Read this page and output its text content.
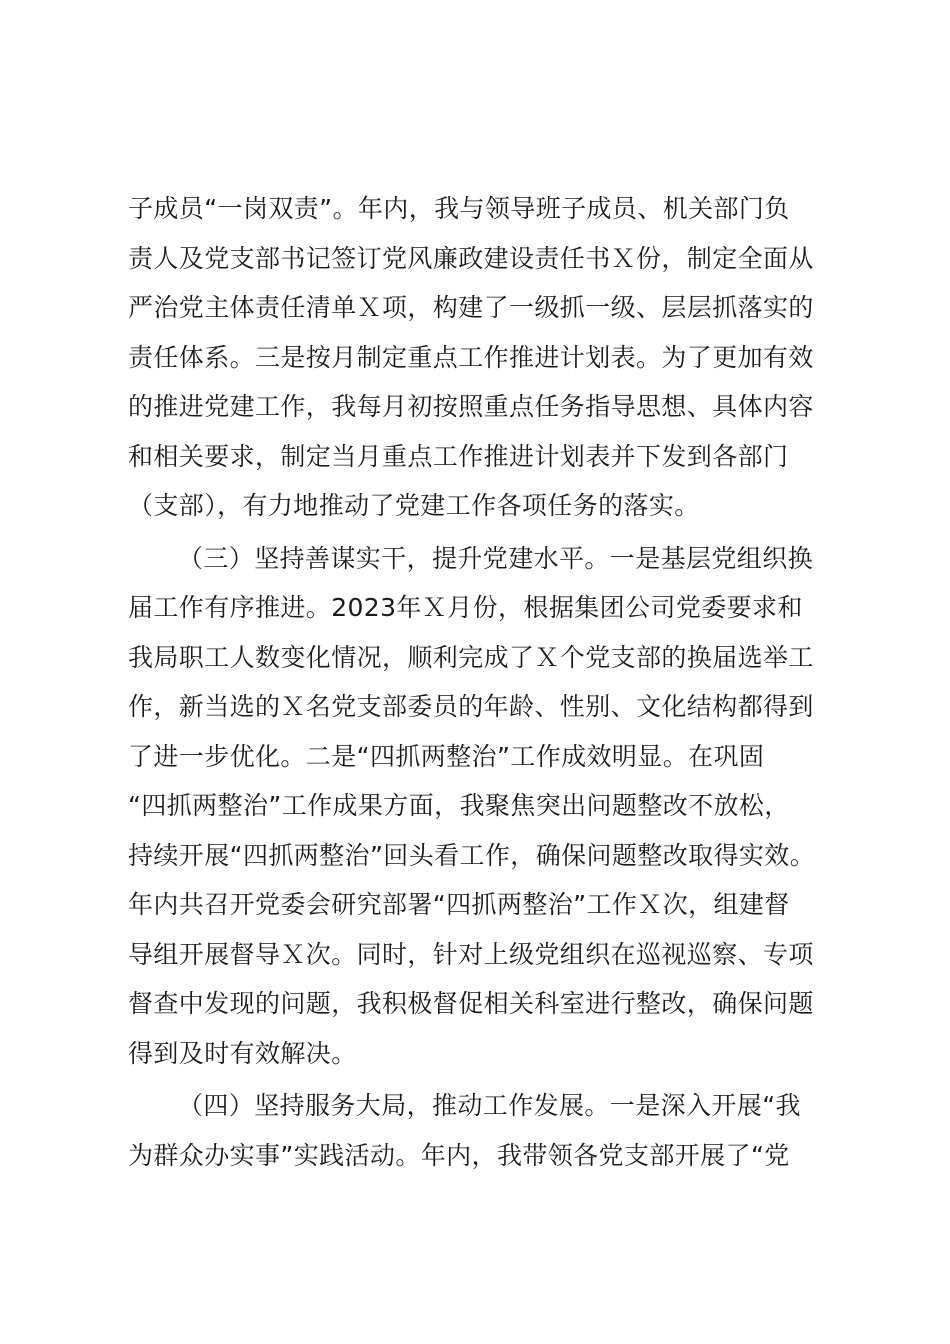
子成员“一岗双责”。年内，我与领导班子成员、机关部门负
责人及党支部书记签订党风廉政建设责任书Ｘ份，制定全面从
严治党主体责任清单Ｘ项，构建了一级抓一级、层层抓落实的
责任体系。三是按月制定重点工作推进计划表。为了更加有效
的推进党建工作，我每月初按照重点任务指导思想、具体内容
和相关要求，制定当月重点工作推进计划表并下发到各部门
（支部），有力地推动了党建工作各项任务的落实。
（三）坚持善谋实干，提升党建水平。一是基层党组织换
届工作有序推进。2023年Ｘ月份，根据集团公司党委要求和
我局职工人数变化情况，顺利完成了Ｘ个党支部的换届选举工
作，新当选的Ｘ名党支部委员的年龄、性别、文化结构都得到
了进一步优化。二是“四抓两整治”工作成效明显。在巩固
“四抓两整治”工作成果方面，我聚焦突出问题整改不放松，
持续开展“四抓两整治”回头看工作，确保问题整改取得实效。
年内共召开党委会研究部署“四抓两整治”工作Ｘ次，组建督
导组开展督导Ｘ次。同时，针对上级党组织在巡视巡察、专项
督查中发现的问题，我积极督促相关科室进行整改，确保问题
得到及时有效解决。
（四）坚持服务大局，推动工作发展。一是深入开展“我
为群众办实事”实践活动。年内，我带领各党支部开展了“党
